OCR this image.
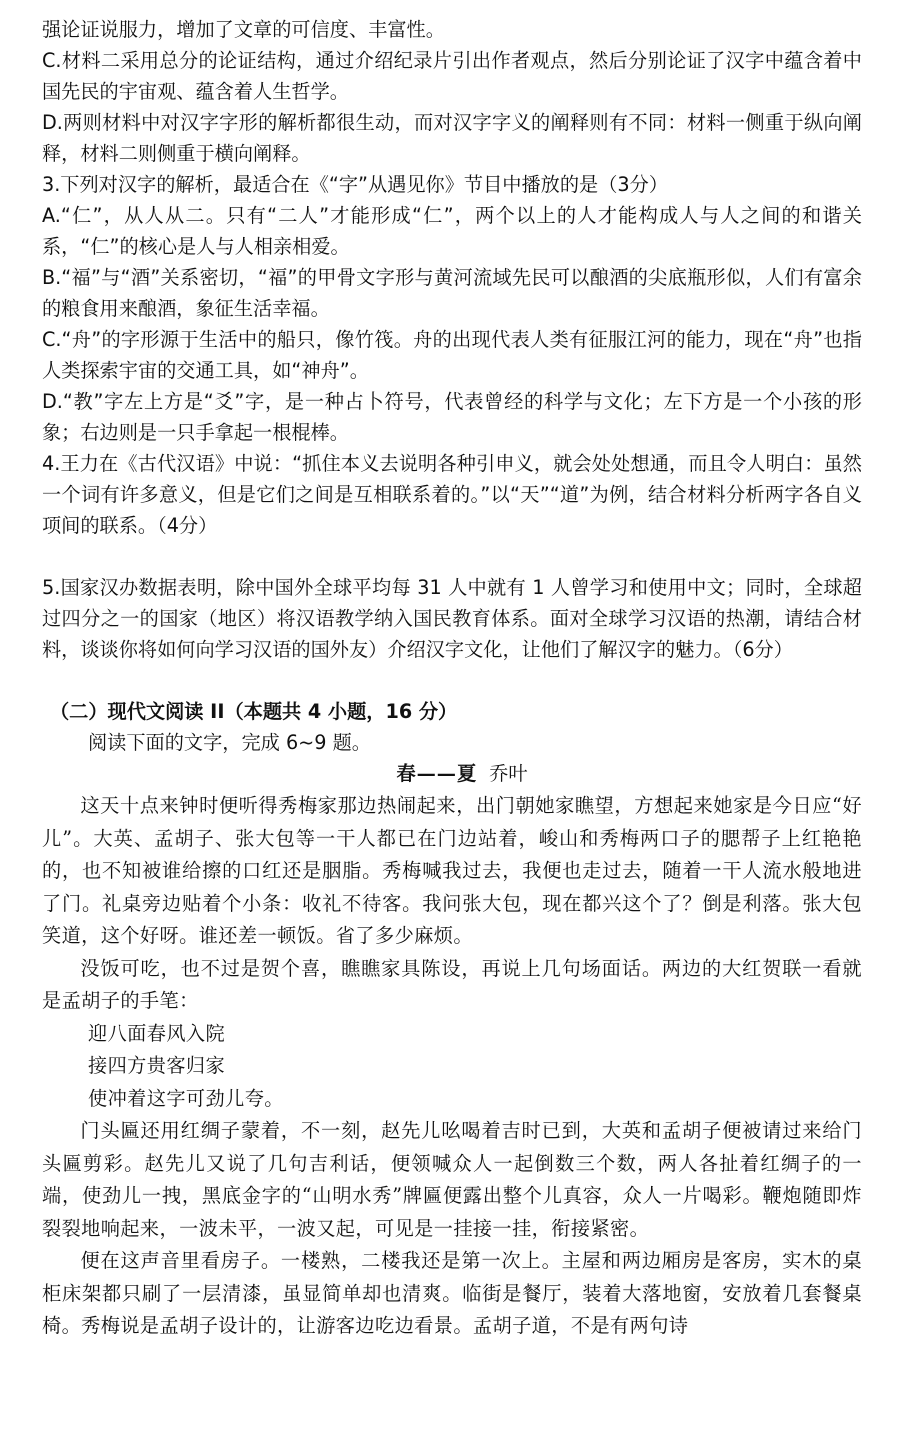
强论证说服力，增加了文章的可信度、丰富性。

C.材料二采用总分的论证结构，通过介绍纪录片引出作者观点，然后分别论证了汉字中蕴含着中国先民的宇宙观、蕴含着人生哲学。

D.两则材料中对汉字字形的解析都很生动，而对汉字字义的阐释则有不同：材料一侧重于纵向阐释，材料二则侧重于横向阐释。

3.下列对汉字的解析，最适合在《“字”从遇见你》节目中播放的是（3分）

A.“仁”，从人从二。只有“二人”才能形成“仁”，两个以上的人才能构成人与人之间的和谐关系，“仁”的核心是人与人相亲相爱。

B.“福”与“酒”关系密切，“福”的甲骨文字形与黄河流域先民可以酿酒的尖底瓶形似，人们有富余的粮食用来酿酒，象征生活幸福。

C.“舟”的字形源于生活中的船只，像竹筏。舟的出现代表人类有征服江河的能力，现在“舟”也指人类探索宇宙的交通工具，如“神舟”。

D.“教”字左上方是“爻”字，是一种占卜符号，代表曾经的科学与文化；左下方是一个小孩的形象；右边则是一只手拿起一根棍棒。

4.王力在《古代汉语》中说：“抓住本义去说明各种引申义，就会处处想通，而且令人明白：虽然一个词有许多意义，但是它们之间是互相联系着的。”以“天”“道”为例，结合材料分析两字各自义项间的联系。（4分）

5.国家汉办数据表明，除中国外全球平均每 31 人中就有 1 人曾学习和使用中文；同时，全球超过四分之一的国家（地区）将汉语教学纳入国民教育体系。面对全球学习汉语的热潮，请结合材料，谈谈你将如何向学习汉语的国外友）介绍汉字文化，让他们了解汉字的魅力。（6分）

（二）现代文阅读 II（本题共 4 小题，16 分）

阅读下面的文字，完成 6~9 题。

春——夏 乔叶

这天十点来钟时便听得秀梅家那边热闹起来，出门朝她家瞧望，方想起来她家是今日应“好儿”。大英、孟胡子、张大包等一干人都已在门边站着，峻山和秀梅两口子的腮帮子上红艳艳的，也不知被谁给擦的口红还是胭脂。秀梅喊我过去，我便也走过去，随着一干人流水般地进了门。礼桌旁边贴着个小条：收礼不待客。我问张大包，现在都兴这个了？倒是利落。张大包笑道，这个好呀。谁还差一顿饭。省了多少麻烦。

没饭可吃，也不过是贺个喜，瞧瞧家具陈设，再说上几句场面话。两边的大红贺联一看就是孟胡子的手笔：

迎八面春风入院

接四方贵客归家

使冲着这字可劲儿夸。

门头匾还用红绸子蒙着，不一刻，赵先儿吆喝着吉时已到，大英和孟胡子便被请过来给门头匾剪彩。赵先儿又说了几句吉利话，便领喊众人一起倒数三个数，两人各扯着红绸子的一端，使劲儿一拽，黑底金字的“山明水秀”牌匾便露出整个儿真容，众人一片喝彩。鞭炮随即炸裂裂地响起来，一波未平，一波又起，可见是一挂接一挂，衔接紧密。

便在这声音里看房子。一楼熟，二楼我还是第一次上。主屋和两边厢房是客房，实木的桌柜床架都只刷了一层清漆，虽显简单却也清爽。临街是餐厅，装着大落地窗，安放着几套餐桌椅。秀梅说是孟胡子设计的，让游客边吃边看景。孟胡子道，不是有两句诗
